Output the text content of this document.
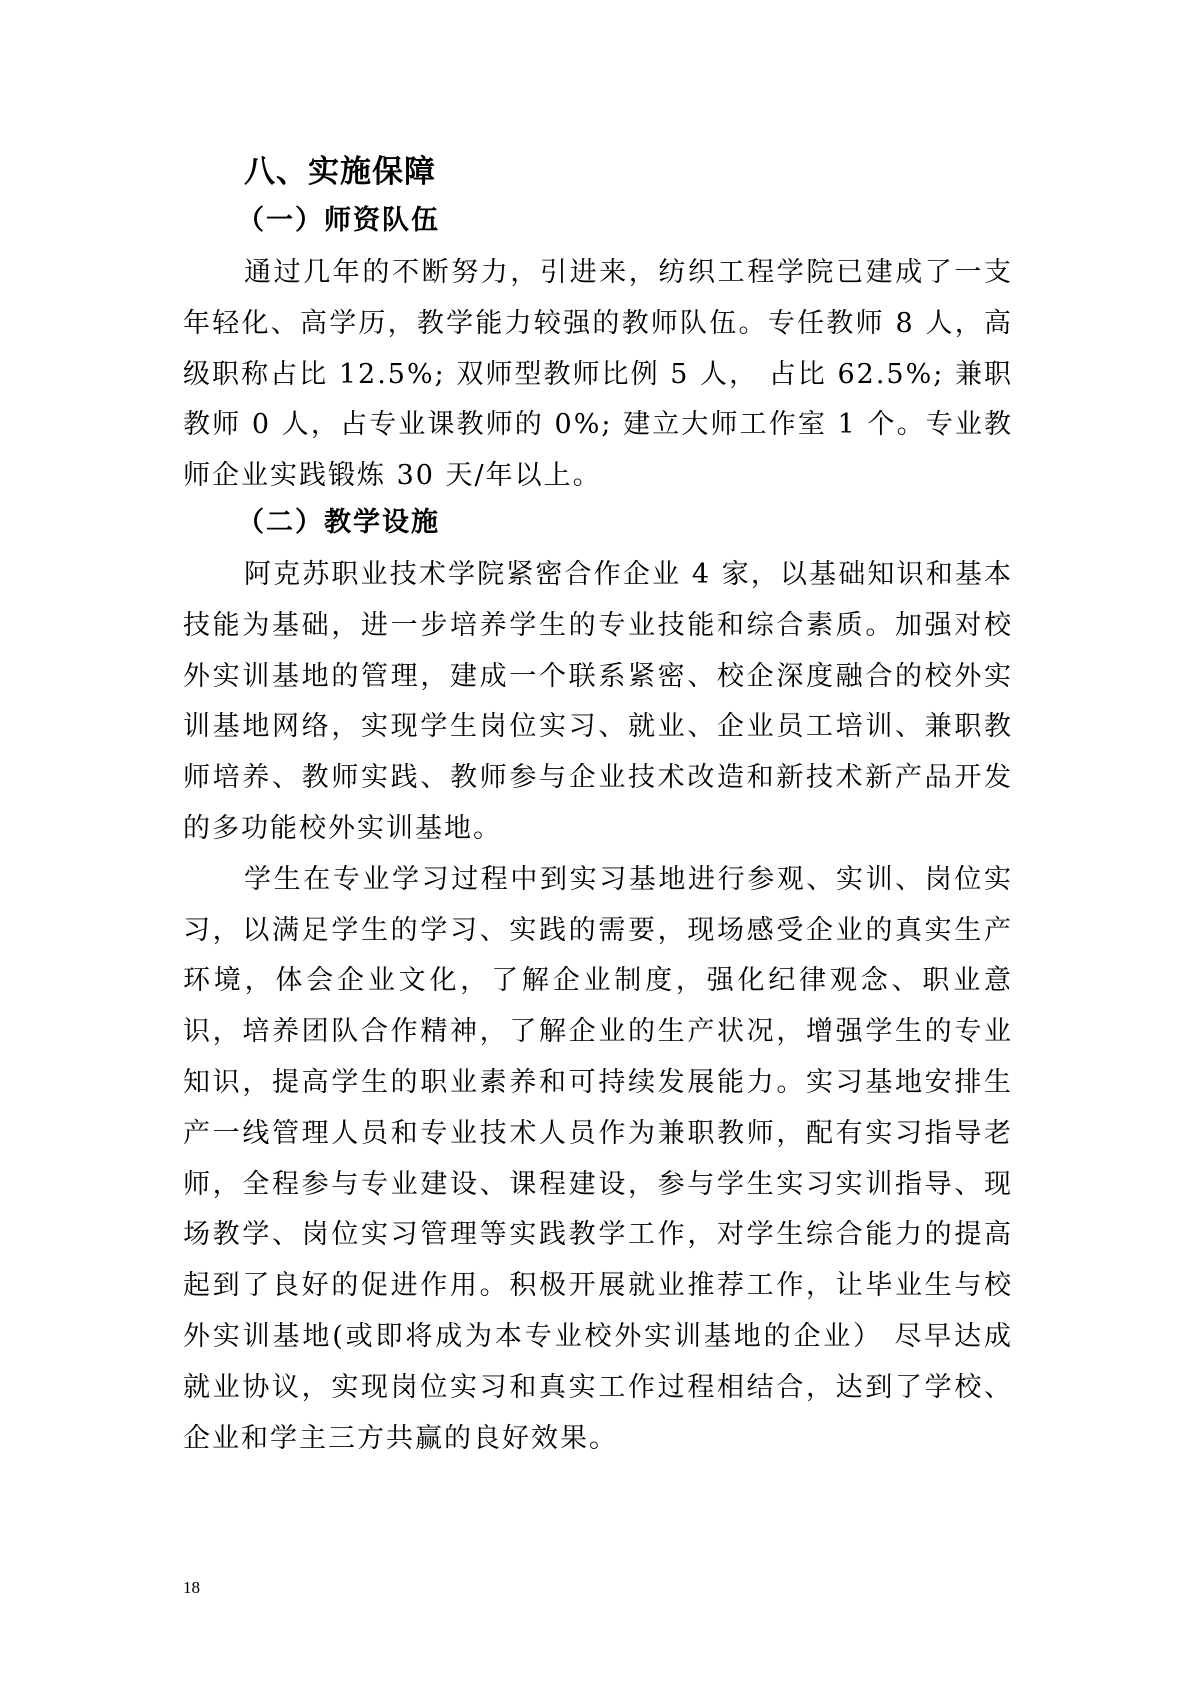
八、实施保障
（一）师资队伍

通过几年的不断努力，引进来，纺织工程学院已建成了一支年轻化、高学历，教学能力较强的教师队伍。专任教师 8 人，高级职称占比 12.5%; 双师型教师比例 5 人， 占比 62.5%; 兼职教师 0 人，占专业课教师的 0%; 建立大师工作室 1 个。专业教师企业实践锻炼 30 天/年以上。

（二）教学设施

阿克苏职业技术学院紧密合作企业 4 家，以基础知识和基本技能为基础，进一步培养学生的专业技能和综合素质。加强对校外实训基地的管理，建成一个联系紧密、校企深度融合的校外实训基地网络，实现学生岗位实习、就业、企业员工培训、兼职教师培养、教师实践、教师参与企业技术改造和新技术新产品开发的多功能校外实训基地。

学生在专业学习过程中到实习基地进行参观、实训、岗位实习，以满足学生的学习、实践的需要，现场感受企业的真实生产环境，体会企业文化，了解企业制度，强化纪律观念、职业意识，培养团队合作精神，了解企业的生产状况，增强学生的专业知识，提高学生的职业素养和可持续发展能力。实习基地安排生产一线管理人员和专业技术人员作为兼职教师，配有实习指导老师，全程参与专业建设、课程建设，参与学生实习实训指导、现场教学、岗位实习管理等实践教学工作，对学生综合能力的提高起到了良好的促进作用。积极开展就业推荐工作，让毕业生与校外实训基地(或即将成为本专业校外实训基地的企业） 尽早达成就业协议，实现岗位实习和真实工作过程相结合，达到了学校、企业和学主三方共赢的良好效果。

18
